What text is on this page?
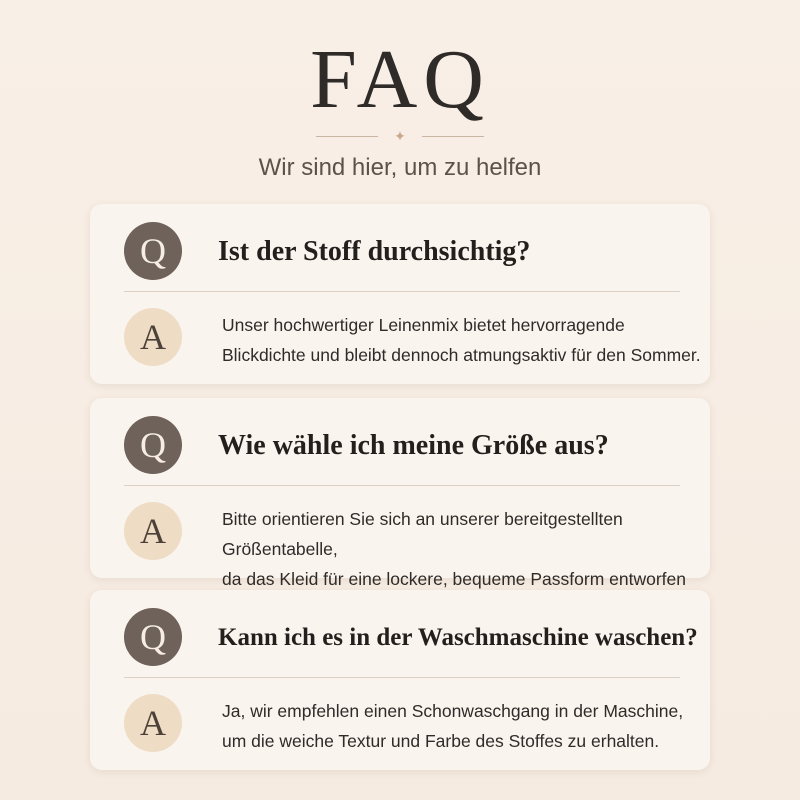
FAQ
✦
Wir sind hier, um zu helfen
Q	Ist der Stoff durchsichtig?
A	Unser hochwertiger Leinenmix bietet hervorragende
Blickdichte und bleibt dennoch atmungsaktiv für den Sommer.
Q	Wie wähle ich meine Größe aus?
A	Bitte orientieren Sie sich an unserer bereitgestellten Größentabelle,
da das Kleid für eine lockere, bequeme Passform entworfen
Q	Kann ich es in der Waschmaschine waschen?
A	Ja, wir empfehlen einen Schonwaschgang in der Maschine,
um die weiche Textur und Farbe des Stoffes zu erhalten.
